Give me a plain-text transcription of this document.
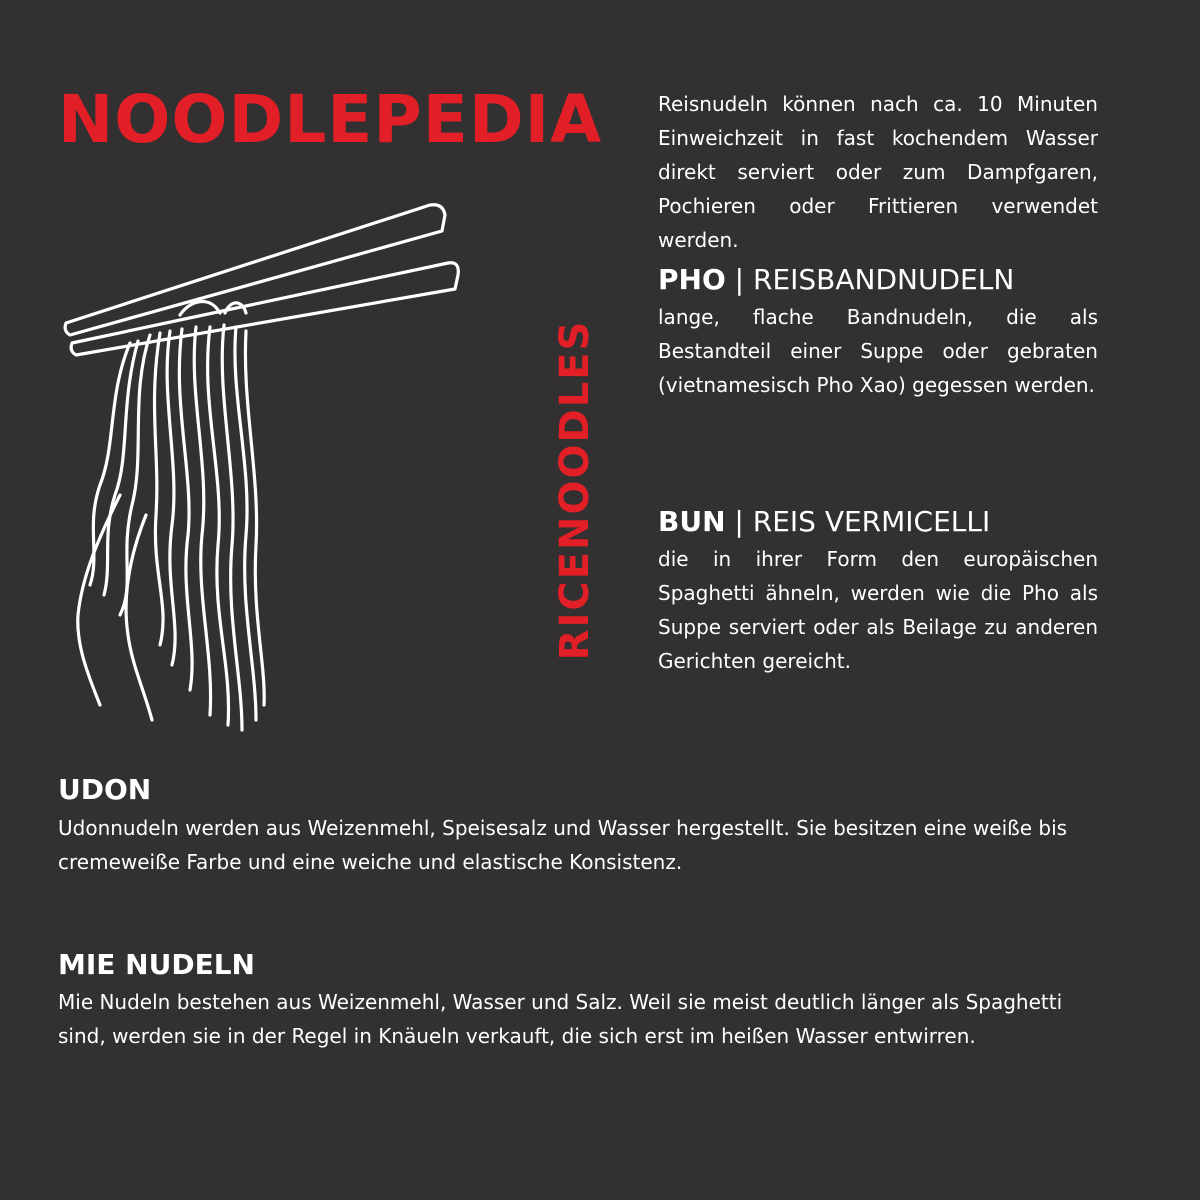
NOODLEPEDIA
RICENOODLES

Reisnudeln können nach ca. 10 Minuten Einweichzeit in fast kochendem Wasser direkt serviert oder zum Dampfgaren, Pochieren oder Frittieren verwendet werden.

PHO | REISBANDNUDELN

lange, flache Bandnudeln, die als Bestandteil einer Suppe oder gebraten (vietnamesisch Pho Xao) gegessen werden.

BUN | REIS VERMICELLI

die in ihrer Form den europäischen Spaghetti ähneln, werden wie die Pho als Suppe serviert oder als Beilage zu anderen Gerichten gereicht.

UDON

Udonnudeln werden aus Weizenmehl, Speisesalz und Wasser hergestellt. Sie besitzen eine weiße bis cremeweiße Farbe und eine weiche und elastische Konsistenz.

MIE NUDELN

Mie Nudeln bestehen aus Weizenmehl, Wasser und Salz. Weil sie meist deutlich länger als Spaghetti sind, werden sie in der Regel in Knäueln verkauft, die sich erst im heißen Wasser entwirren.
